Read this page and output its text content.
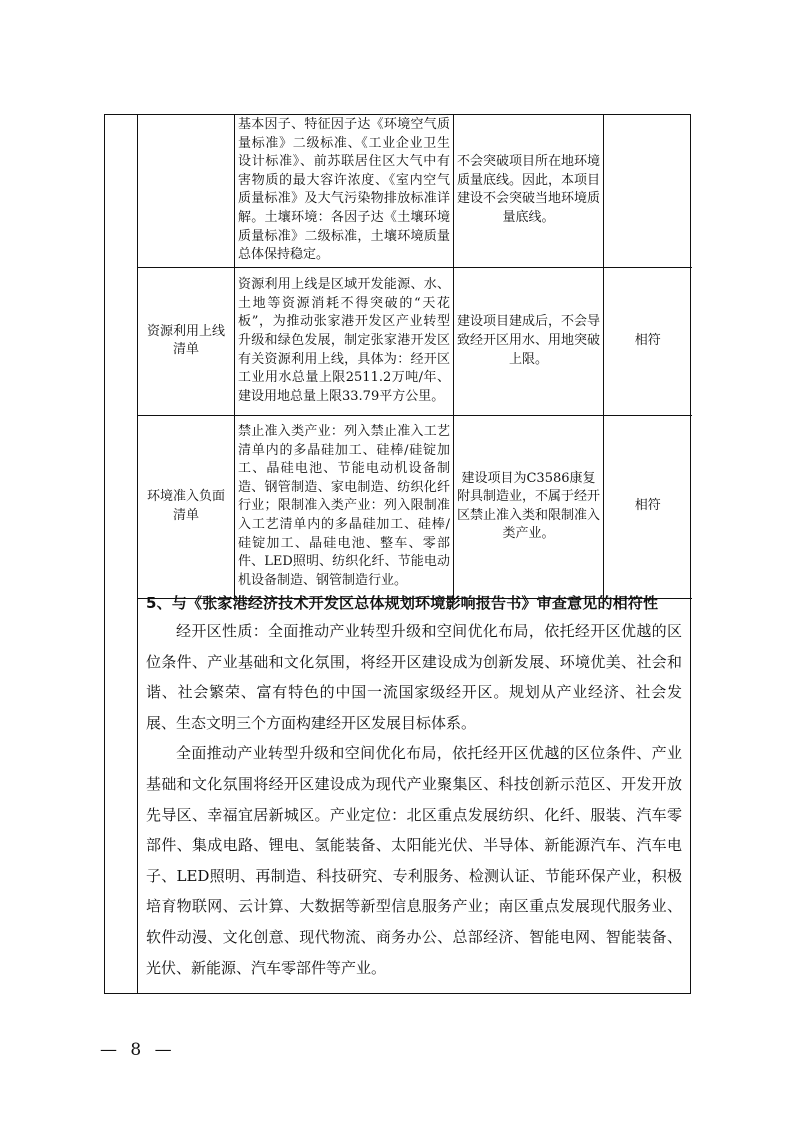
	基本因子、特征因子达《环境空气质量标准》二级标准、《工业企业卫生设计标准》、前苏联居住区大气中有害物质的最大容许浓度、《室内空气质量标准》及大气污染物排放标准详解。土壤环境：各因子达《土壤环境质量标准》二级标准，土壤环境质量总体保持稳定。	不会突破项目所在地环境质量底线。因此，本项目建设不会突破当地环境质量底线。	
资源利用上线清单	资源利用上线是区域开发能源、水、土地等资源消耗不得突破的“天花板”，为推动张家港开发区产业转型升级和绿色发展，制定张家港开发区有关资源利用上线，具体为：经开区工业用水总量上限2511.2万吨/年、建设用地总量上限33.79平方公里。	建设项目建成后，不会导致经开区用水、用地突破上限。	相符
环境准入负面清单	禁止准入类产业：列入禁止准入工艺清单内的多晶硅加工、硅棒/硅锭加工、晶硅电池、节能电动机设备制造、钢管制造、家电制造、纺织化纤行业；限制准入类产业：列入限制准入工艺清单内的多晶硅加工、硅棒/硅锭加工、晶硅电池、整车、零部件、LED照明、纺织化纤、节能电动机设备制造、钢管制造行业。	建设项目为C3586康复附具制造业，不属于经开区禁止准入类和限制准入类产业。	相符
5、与《张家港经济技术开发区总体规划环境影响报告书》审查意见的相符性

经开区性质：全面推动产业转型升级和空间优化布局，依托经开区优越的区位条件、产业基础和文化氛围，将经开区建设成为创新发展、环境优美、社会和谐、社会繁荣、富有特色的中国一流国家级经开区。规划从产业经济、社会发展、生态文明三个方面构建经开区发展目标体系。

全面推动产业转型升级和空间优化布局，依托经开区优越的区位条件、产业基础和文化氛围将经开区建设成为现代产业聚集区、科技创新示范区、开发开放先导区、幸福宜居新城区。产业定位：北区重点发展纺织、化纤、服装、汽车零部件、集成电路、锂电、氢能装备、太阳能光伏、半导体、新能源汽车、汽车电子、LED照明、再制造、科技研究、专利服务、检测认证、节能环保产业，积极培育物联网、云计算、大数据等新型信息服务产业；南区重点发展现代服务业、软件动漫、文化创意、现代物流、商务办公、总部经济、智能电网、智能装备、光伏、新能源、汽车零部件等产业。

— 8 —
